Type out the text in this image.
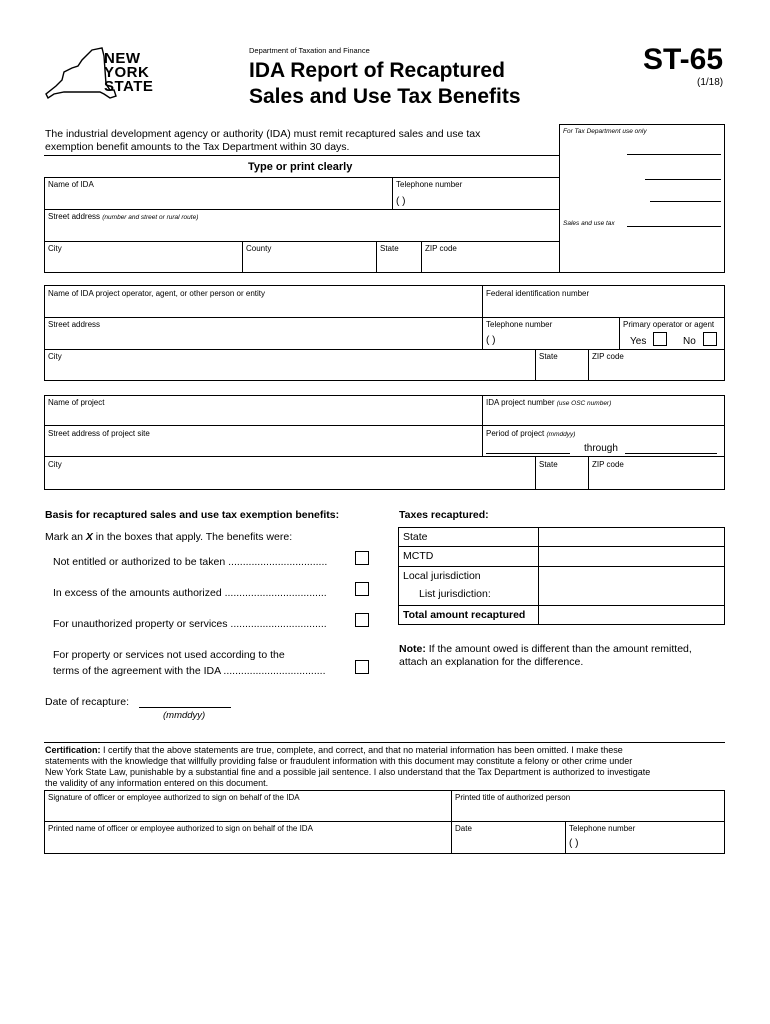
NEW
YORK
STATE
Department of Taxation and Finance
IDA Report of Recaptured
Sales and Use Tax Benefits
ST-65
(1/18)
The industrial development agency or authority (IDA) must remit recaptured sales and use tax
exemption benefit amounts to the Tax Department within 30 days.
Type or print clearly
For Tax Department use only
Sales and use tax
Name of IDA	Telephone number
( )
Street address (number and street or rural route)
City	County	State	ZIP code
Name of IDA project operator, agent, or other person or entity	Federal identification number
Street address	Telephone number
( )
Primary operator or agent
Yes	No
City	State	ZIP code
Name of project	IDA project number (use OSC number)
Street address of project site	Period of project (mmddyy)
through
City	State	ZIP code
Basis for recaptured sales and use tax exemption benefits:
Mark an X in the boxes that apply. The benefits were:
Not entitled or authorized to be taken ..................................
In excess of the amounts authorized ...................................
For unauthorized property or services .................................
For property or services not used according to the
terms of the agreement with the IDA ...................................
Taxes recaptured:
State
MCTD
Local jurisdiction
List jurisdiction:
Total amount recaptured
Note: If the amount owed is different than the amount remitted,
attach an explanation for the difference.
Date of recapture:
(mmddyy)
Certification: I certify that the above statements are true, complete, and correct, and that no material information has been omitted. I make these
statements with the knowledge that willfully providing false or fraudulent information with this document may constitute a felony or other crime under
New York State Law, punishable by a substantial fine and a possible jail sentence. I also understand that the Tax Department is authorized to investigate
the validity of any information entered on this document.
Signature of officer or employee authorized to sign on behalf of the IDA	Printed title of authorized person
Printed name of officer or employee authorized to sign on behalf of the IDA	Date	Telephone number
( )
